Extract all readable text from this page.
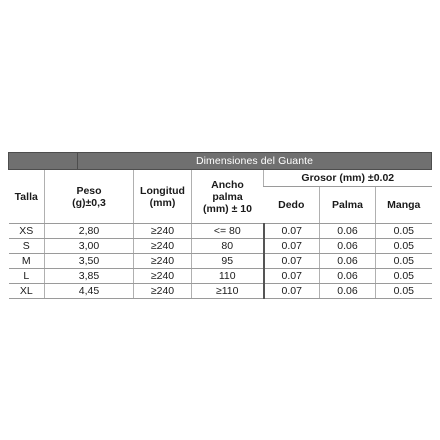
		Dimensiones del Guante					
Talla	Peso (g)±0,3		Longitud (mm)	Ancho palma (mm) ± 10	Grosor (mm) ±0.02		
					Dedo	Palma	Manga
XS	2,80		≥240	<= 80	0.07	0.06	0.05
S	3,00		≥240	80	0.07	0.06	0.05
M	3,50		≥240	95	0.07	0.06	0.05
L	3,85		≥240	110	0.07	0.06	0.05
XL	4,45		≥240	≥110	0.07	0.06	0.05
